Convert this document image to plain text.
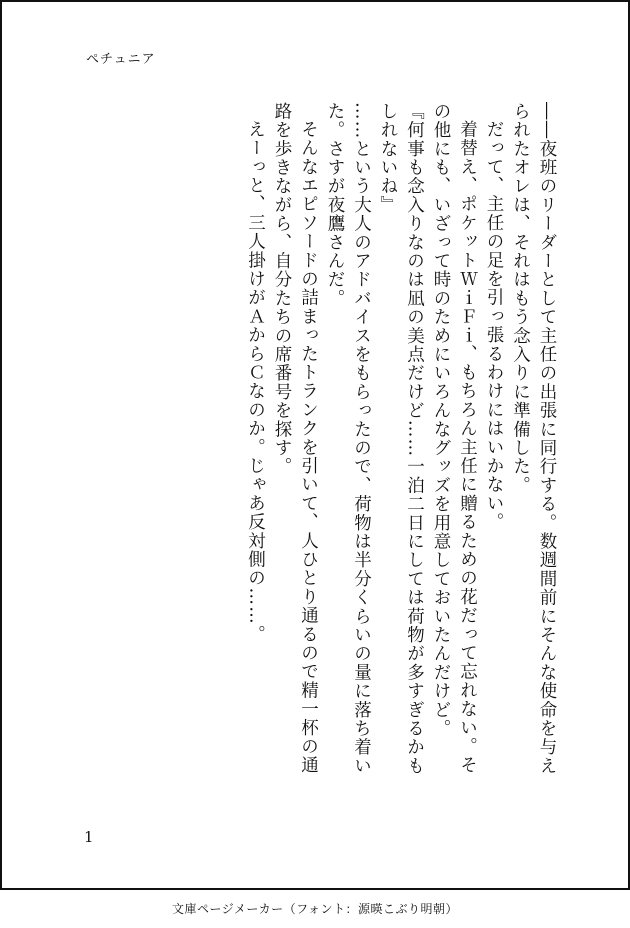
ペチュニア

――夜班のリーダーとして主任の出張に同行する。数週間前にそんな使命を与えられたオレは、それはもう念入りに準備した。

だって、主任の足を引っ張るわけにはいかない。

着替え、ポケットＷｉＦｉ、もちろん主任に贈るための花だって忘れない。その他にも、いざって時のためにいろんなグッズを用意しておいたんだけど。

『何事も念入りなのは凪の美点だけど……一泊二日にしては荷物が多すぎるかもしれないね』

……という大人のアドバイスをもらったので、荷物は半分くらいの量に落ち着いた。さすが夜鷹さんだ。

そんなエピソードの詰まったトランクを引いて、人ひとり通るので精一杯の通路を歩きながら、自分たちの席番号を探す。

えーっと、三人掛けがＡからＣなのか。じゃあ反対側の……。

1
文庫ページメーカー（フォント：源暎こぶり明朝）
